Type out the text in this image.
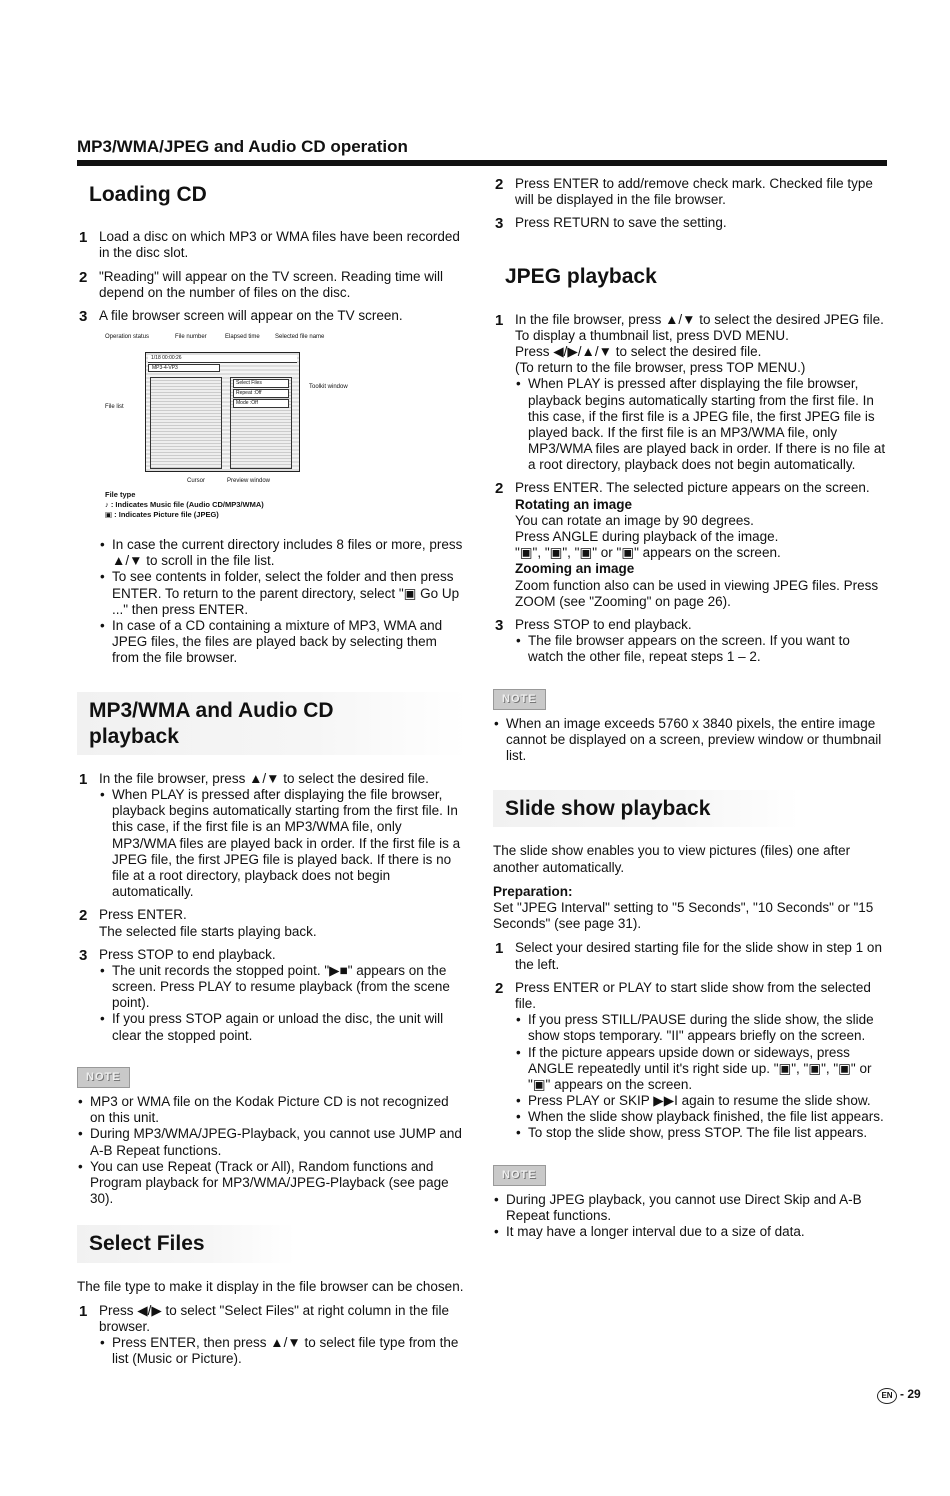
MP3/WMA/JPEG and Audio CD operation
Loading CD
1 Load a disc on which MP3 or WMA files have been recorded in the disc slot.
2 "Reading" will appear on the TV screen. Reading time will depend on the number of files on the disc.
3 A file browser screen will appear on the TV screen.
Operation status	File number	Elapsed time	Selected file name
File list
Toolkit window
1/18 00:00:26
MP3-4-VP3
Select Files
Repeat :Off
Mode :Off
Cursor	Preview window
File type
♪ : Indicates Music file (Audio CD/MP3/WMA)
▣ : Indicates Picture file (JPEG)
• In case the current directory includes 8 files or more, press ▲/▼ to scroll in the file list.
• To see contents in folder, select the folder and then press ENTER. To return to the parent directory, select "▣ Go Up ..." then press ENTER.
• In case of a CD containing a mixture of MP3, WMA and JPEG files, the files are played back by selecting them from the file browser.
MP3/WMA and Audio CD playback
1 In the file browser, press ▲/▼ to select the desired file.

• When PLAY is pressed after displaying the file browser, playback begins automatically starting from the first file. In this case, if the first file is an MP3/WMA file, only MP3/WMA files are played back in order. If the first file is a JPEG file, the first JPEG file is played back. If there is no file at a root directory, playback does not begin automatically.
2 Press ENTER.

The selected file starts playing back.

3 Press STOP to end playback.

• The unit records the stopped point. "▶■" appears on the screen. Press PLAY to resume playback (from the scene point).
• If you press STOP again or unload the disc, the unit will clear the stopped point.
NOTE
• MP3 or WMA file on the Kodak Picture CD is not recognized on this unit.
• During MP3/WMA/JPEG-Playback, you cannot use JUMP and A-B Repeat functions.
• You can use Repeat (Track or All), Random functions and Program playback for MP3/WMA/JPEG-Playback (see page 30).
Select Files

The file type to make it display in the file browser can be chosen.

1 Press ◀/▶ to select "Select Files" at right column in the file browser.

• Press ENTER, then press ▲/▼ to select file type from the list (Music or Picture).
2 Press ENTER to add/remove check mark. Checked file type will be displayed in the file browser.
3 Press RETURN to save the setting.
JPEG playback
1 In the file browser, press ▲/▼ to select the desired JPEG file.

To display a thumbnail list, press DVD MENU.

Press ◀/▶/▲/▼ to select the desired file.

(To return to the file browser, press TOP MENU.)

• When PLAY is pressed after displaying the file browser, playback begins automatically starting from the first file. In this case, if the first file is a JPEG file, the first JPEG file is played back. If the first file is an MP3/WMA file, only MP3/WMA files are played back in order. If there is no file at a root directory, playback does not begin automatically.
2 Press ENTER. The selected picture appears on the screen.

Rotating an image

You can rotate an image by 90 degrees.

Press ANGLE during playback of the image.

"▣", "▣", "▣" or "▣" appears on the screen.

Zooming an image

Zoom function also can be used in viewing JPEG files. Press ZOOM (see "Zooming" on page 26).

3 Press STOP to end playback.

• The file browser appears on the screen. If you want to watch the other file, repeat steps 1 – 2.
NOTE
• When an image exceeds 5760 x 3840 pixels, the entire image cannot be displayed on a screen, preview window or thumbnail list.
Slide show playback

The slide show enables you to view pictures (files) one after another automatically.

Preparation:

Set "JPEG Interval" setting to "5 Seconds", "10 Seconds" or "15 Seconds" (see page 31).

1 Select your desired starting file for the slide show in step 1 on the left.
2 Press ENTER or PLAY to start slide show from the selected file.

• If you press STILL/PAUSE during the slide show, the slide show stops temporary. "II" appears briefly on the screen.
• If the picture appears upside down or sideways, press ANGLE repeatedly until it's right side up. "▣", "▣", "▣" or "▣" appears on the screen.
• Press PLAY or SKIP ▶▶I again to resume the slide show.
• When the slide show playback finished, the file list appears.
• To stop the slide show, press STOP. The file list appears.
NOTE
• During JPEG playback, you cannot use Direct Skip and A-B Repeat functions.
• It may have a longer interval due to a size of data.
EN - 29
